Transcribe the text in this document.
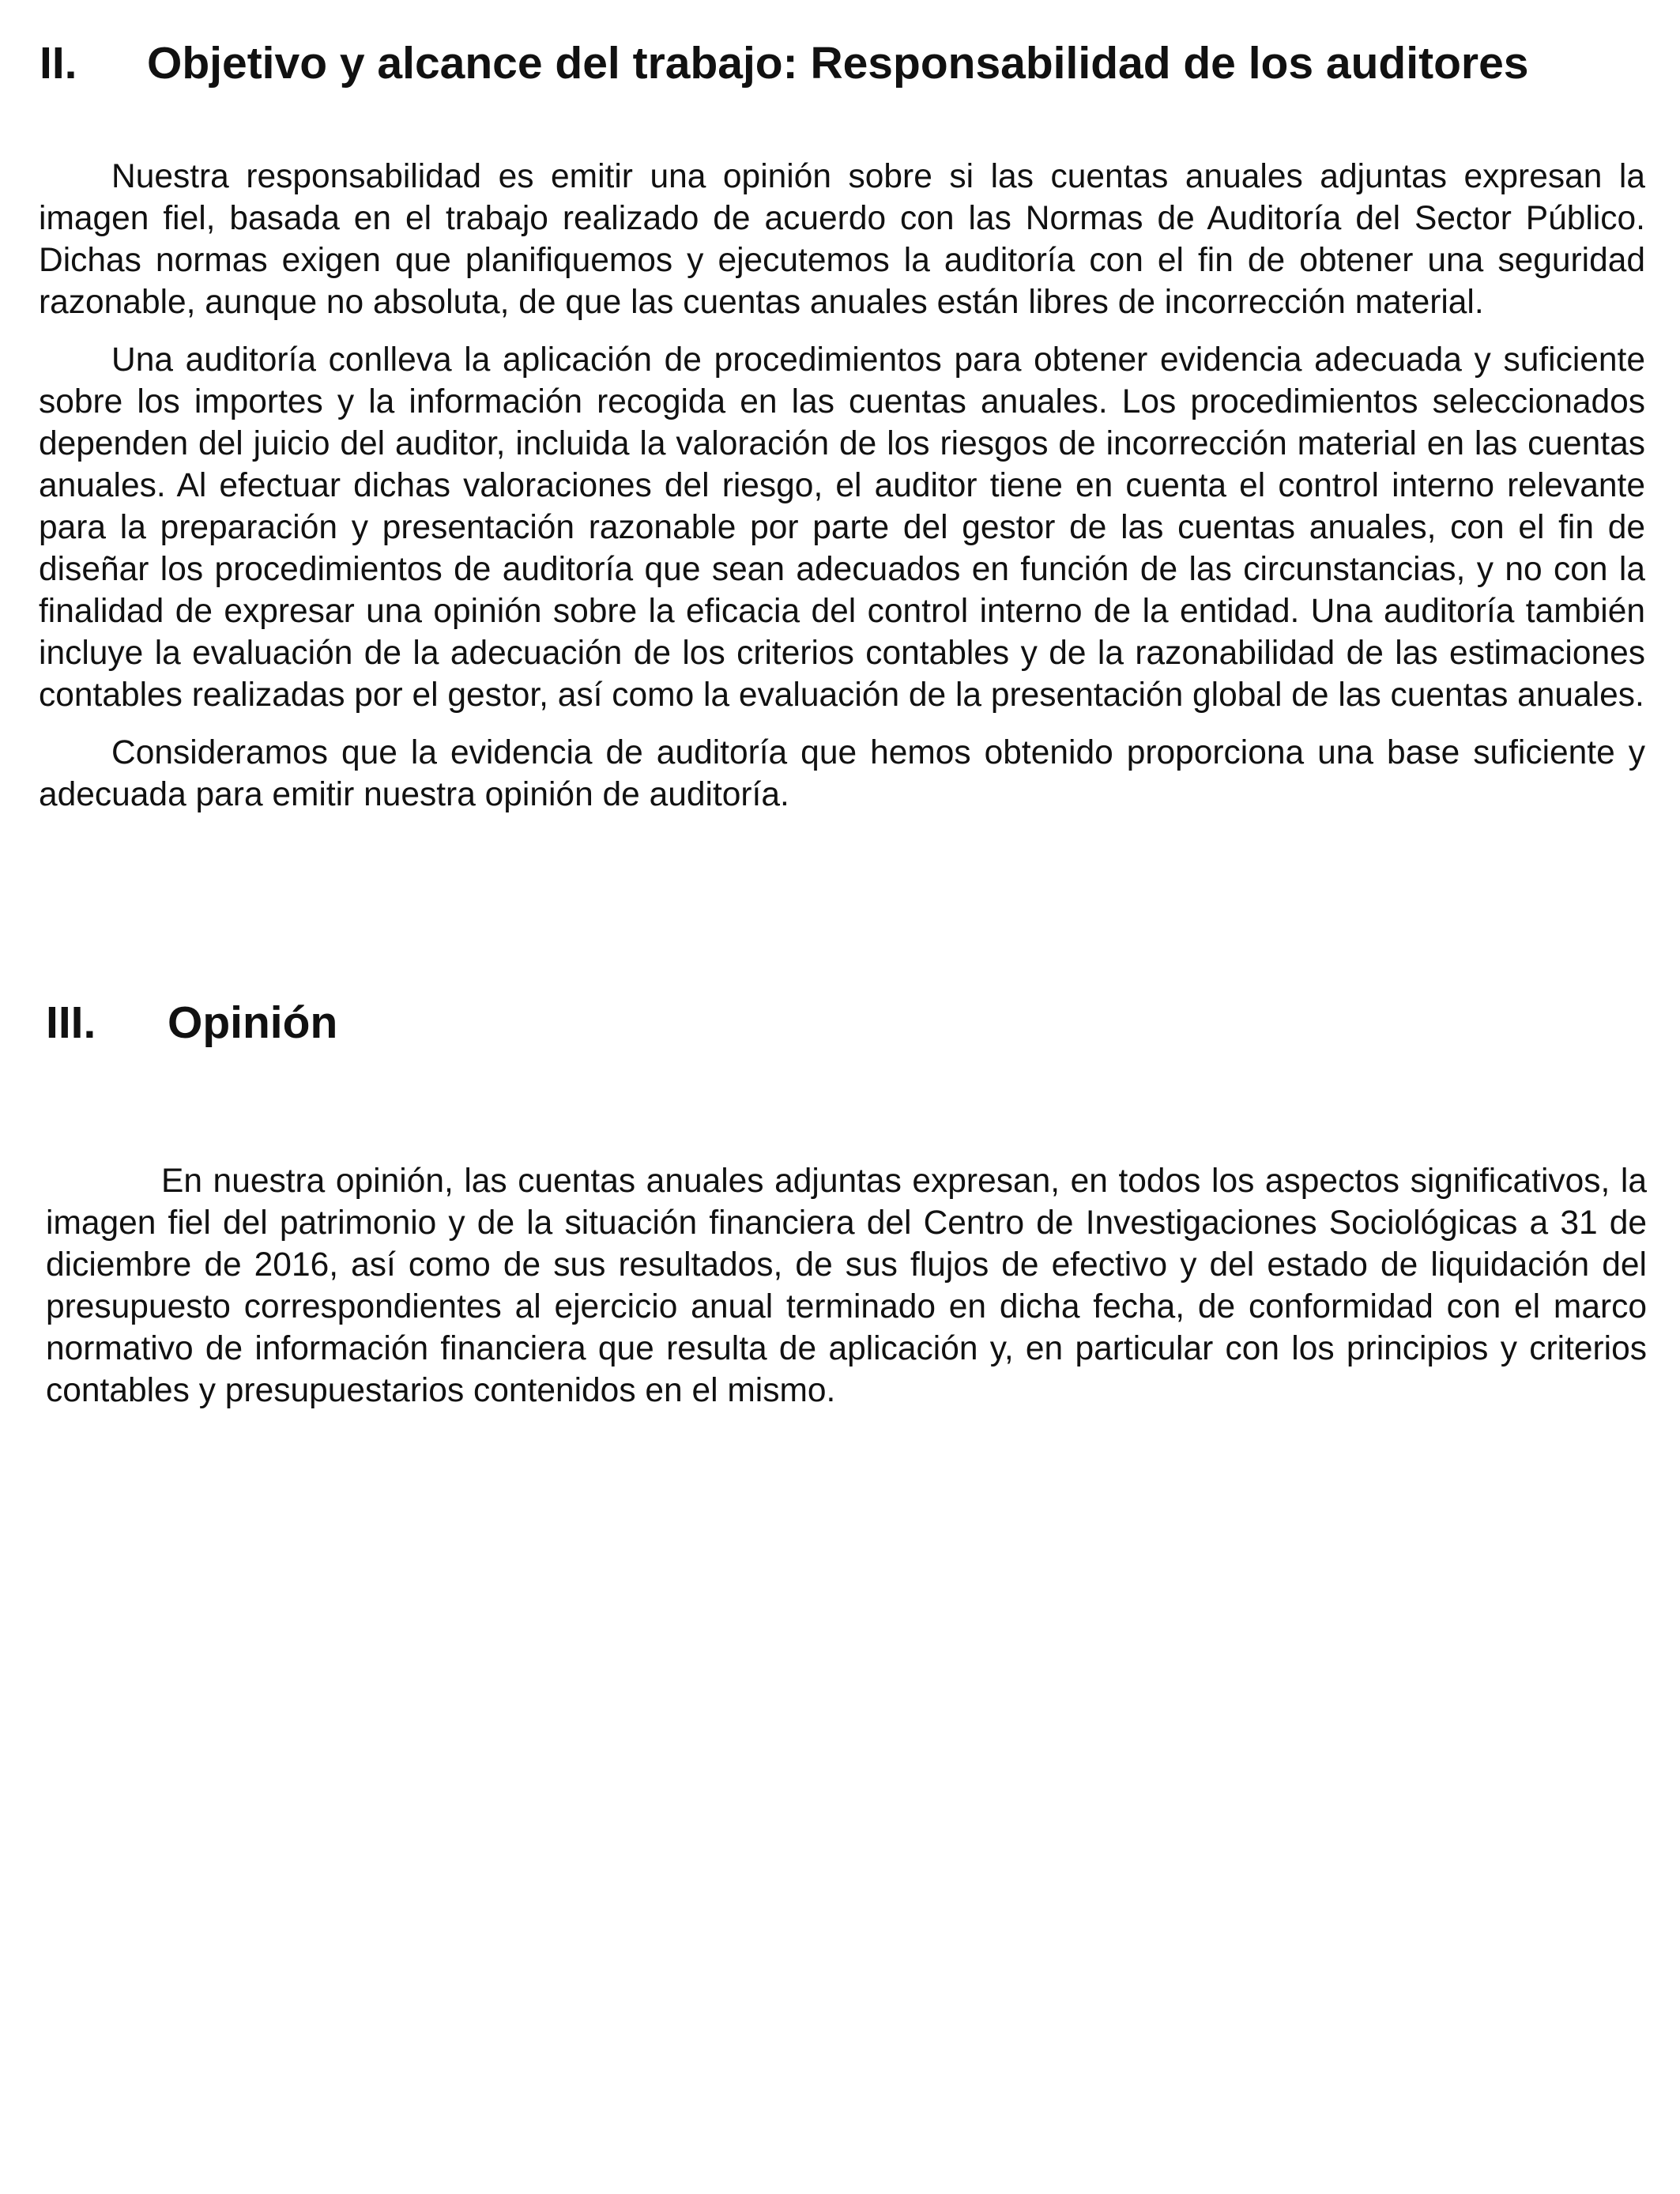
II.	Objetivo y alcance del trabajo: Responsabilidad de los auditores

Nuestra responsabilidad es emitir una opinión sobre si las cuentas anuales adjuntas expresan la imagen fiel, basada en el trabajo realizado de acuerdo con las Normas de Auditoría del Sector Público. Dichas normas exigen que planifiquemos y ejecutemos la auditoría con el fin de obtener una seguridad razonable, aunque no absoluta, de que las cuentas anuales están libres de incorrección material.

Una auditoría conlleva la aplicación de procedimientos para obtener evidencia adecuada y suficiente sobre los importes y la información recogida en las cuentas anuales. Los procedimientos seleccionados dependen del juicio del auditor, incluida la valoración de los riesgos de incorrección material en las cuentas anuales. Al efectuar dichas valoraciones del riesgo, el auditor tiene en cuenta el control interno relevante para la preparación y presentación razonable por parte del gestor de las cuentas anuales, con el fin de diseñar los procedimientos de auditoría que sean adecuados en función de las circunstancias, y no con la finalidad de expresar una opinión sobre la eficacia del control interno de la entidad. Una auditoría también incluye la evaluación de la adecuación de los criterios contables y de la razonabilidad de las estimaciones contables realizadas por el gestor, así como la evaluación de la presentación global de las cuentas anuales.

Consideramos que la evidencia de auditoría que hemos obtenido proporciona una base suficiente y adecuada para emitir nuestra opinión de auditoría.

III.	Opinión

En nuestra opinión, las cuentas anuales adjuntas expresan, en todos los aspectos significativos, la imagen fiel del patrimonio y de la situación financiera del Centro de Investigaciones Sociológicas a 31 de diciembre de 2016, así como de sus resultados, de sus flujos de efectivo y del estado de liquidación del presupuesto correspondientes al ejercicio anual terminado en dicha fecha, de conformidad con el marco normativo de información financiera que resulta de aplicación y, en particular con los principios y criterios contables y presupuestarios contenidos en el mismo.
